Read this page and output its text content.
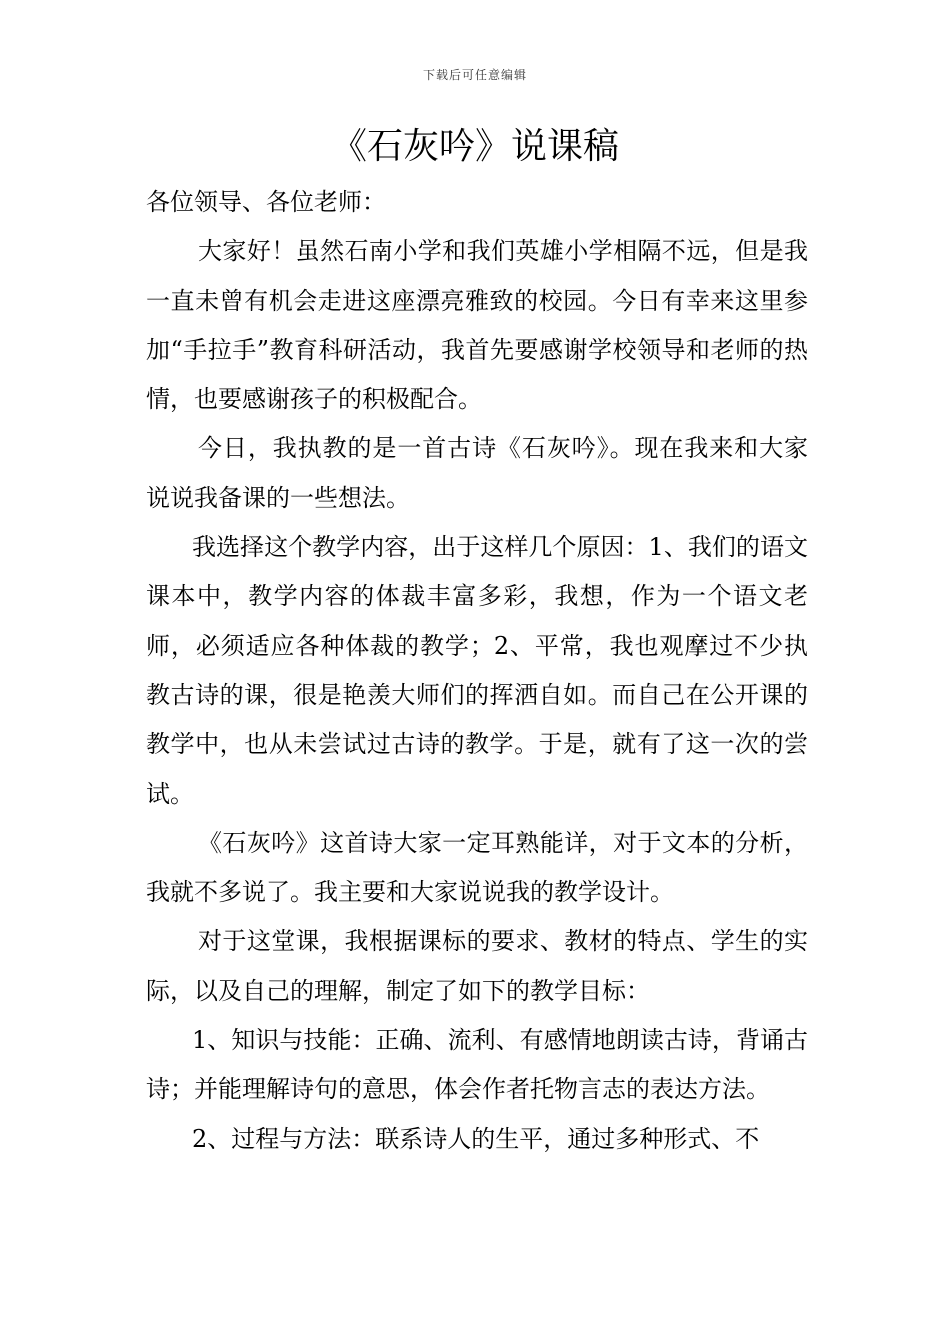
下载后可任意编辑
《石灰吟》说课稿

各位领导、各位老师：

大家好！虽然石南小学和我们英雄小学相隔不远，但是我一直未曾有机会走进这座漂亮雅致的校园。今日有幸来这里参加“手拉手”教育科研活动，我首先要感谢学校领导和老师的热情，也要感谢孩子的积极配合。

今日，我执教的是一首古诗《石灰吟》。现在我来和大家说说我备课的一些想法。

我选择这个教学内容，出于这样几个原因：1、我们的语文课本中，教学内容的体裁丰富多彩，我想，作为一个语文老师，必须适应各种体裁的教学；2、平常，我也观摩过不少执教古诗的课，很是艳羡大师们的挥洒自如。而自己在公开课的教学中，也从未尝试过古诗的教学。于是，就有了这一次的尝试。

《石灰吟》这首诗大家一定耳熟能详，对于文本的分析，我就不多说了。我主要和大家说说我的教学设计。

对于这堂课，我根据课标的要求、教材的特点、学生的实际，以及自己的理解，制定了如下的教学目标：

1、知识与技能：正确、流利、有感情地朗读古诗，背诵古诗；并能理解诗句的意思，体会作者托物言志的表达方法。

2、过程与方法：联系诗人的生平，通过多种形式、不
